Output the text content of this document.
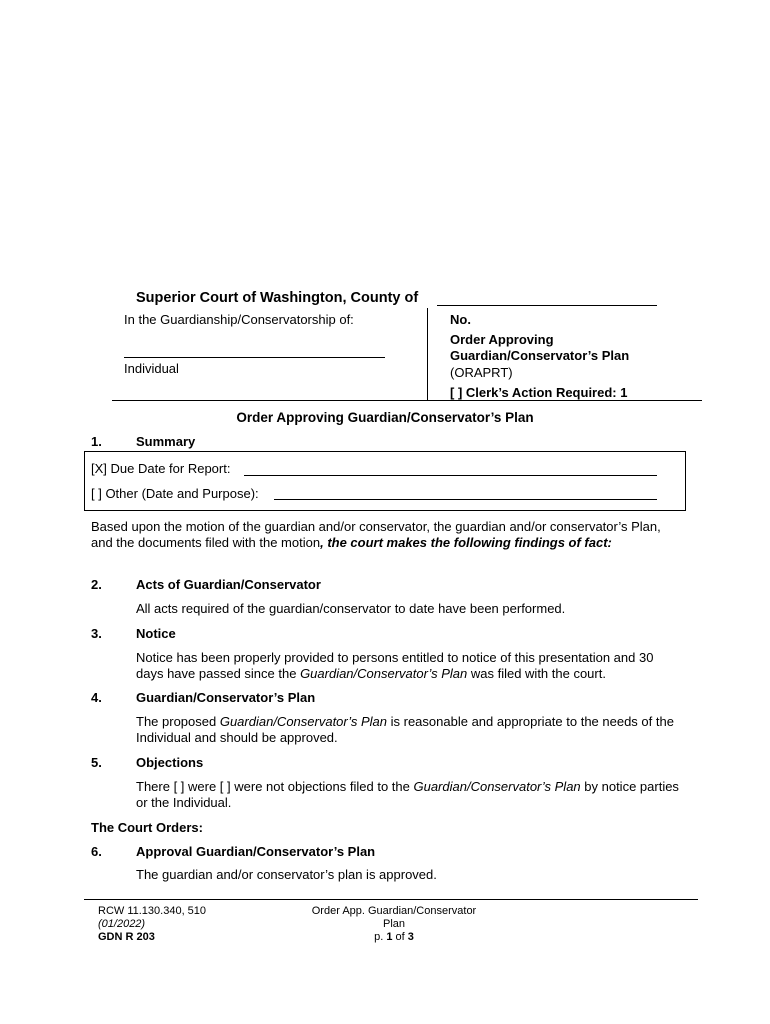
Superior Court of Washington, County of
In the Guardianship/Conservatorship of:
Individual
No.
Order Approving
Guardian/Conservator’s Plan
(ORAPRT)
[ ] Clerk’s Action Required: 1
Order Approving Guardian/Conservator’s Plan
1.	Summary
[X] Due Date for Report:
[ ] Other (Date and Purpose):
Based upon the motion of the guardian and/or conservator, the guardian and/or conservator’s Plan, and the documents filed with the motion, the court makes the following findings of fact:
2.	Acts of Guardian/Conservator
All acts required of the guardian/conservator to date have been performed.
3.	Notice
Notice has been properly provided to persons entitled to notice of this presentation and 30 days have passed since the Guardian/Conservator’s Plan was filed with the court.
4.	Guardian/Conservator’s Plan
The proposed Guardian/Conservator’s Plan is reasonable and appropriate to the needs of the Individual and should be approved.
5.	Objections
There [ ] were [ ] were not objections filed to the Guardian/Conservator’s Plan by notice parties or the Individual.
The Court Orders:
6.	Approval Guardian/Conservator’s Plan
The guardian and/or conservator’s plan is approved.
RCW 11.130.340, 510
(01/2022)
GDN R 203
Order App. Guardian/Conservator
Plan
p. 1 of 3
